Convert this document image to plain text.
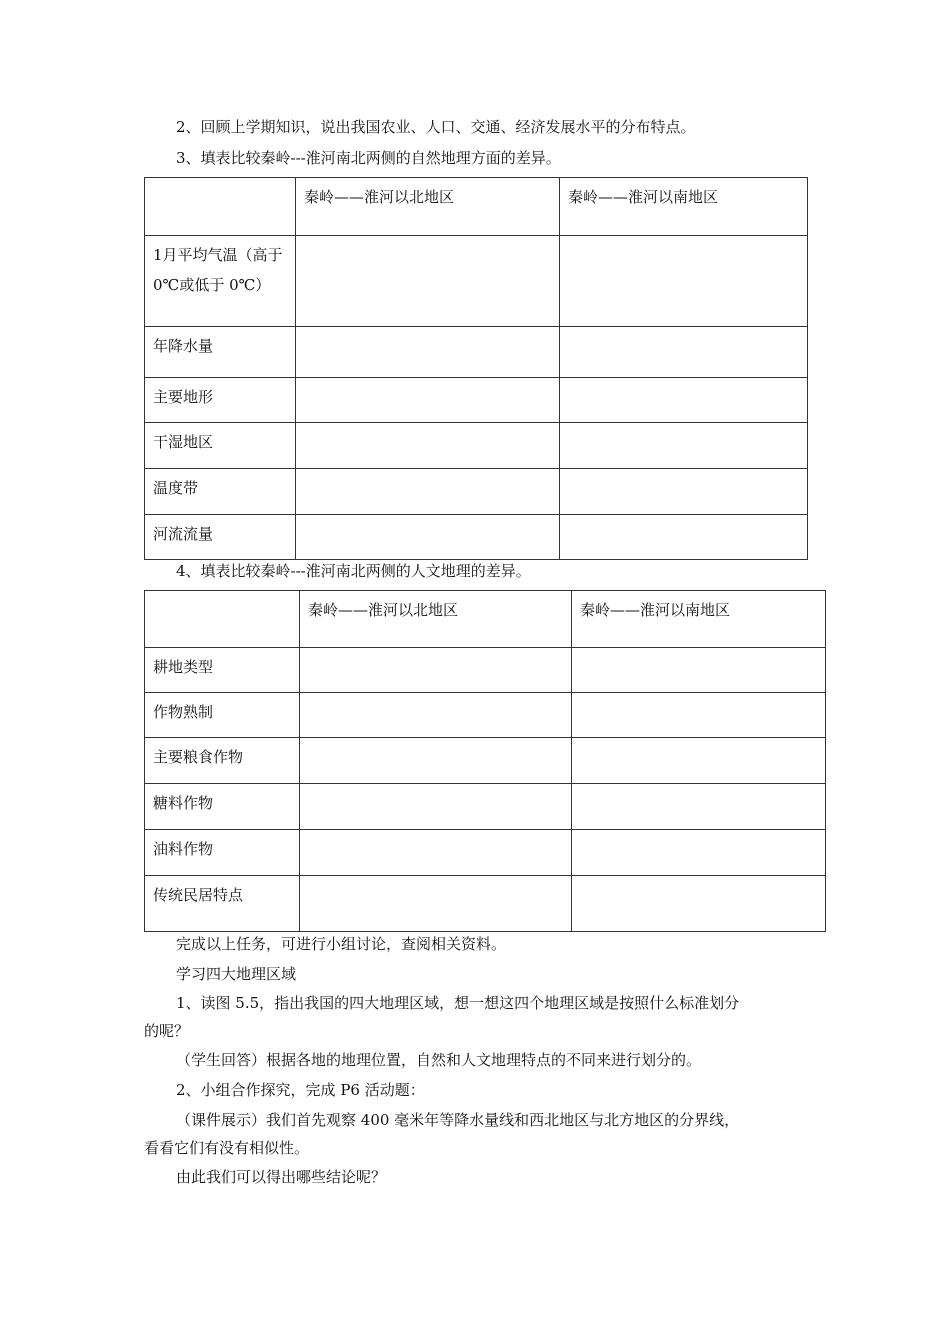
2、回顾上学期知识，说出我国农业、人口、交通、经济发展水平的分布特点。
3、填表比较秦岭---淮河南北两侧的自然地理方面的差异。
	秦岭——淮河以北地区	秦岭——淮河以南地区
1月平均气温（高于 0℃或低于 0℃）		
年降水量		
主要地形		
干湿地区		
温度带		
河流流量		
4、填表比较秦岭---淮河南北两侧的人文地理的差异。
	秦岭——淮河以北地区	秦岭——淮河以南地区
耕地类型		
作物熟制		
主要粮食作物		
糖料作物		
油料作物		
传统民居特点		
完成以上任务，可进行小组讨论，查阅相关资料。
学习四大地理区域
1、读图 5.5，指出我国的四大地理区域，想一想这四个地理区域是按照什么标准划分
的呢？
（学生回答）根据各地的地理位置，自然和人文地理特点的不同来进行划分的。
2、小组合作探究，完成 P6 活动题：
（课件展示）我们首先观察 400 毫米年等降水量线和西北地区与北方地区的分界线，
看看它们有没有相似性。
由此我们可以得出哪些结论呢？
